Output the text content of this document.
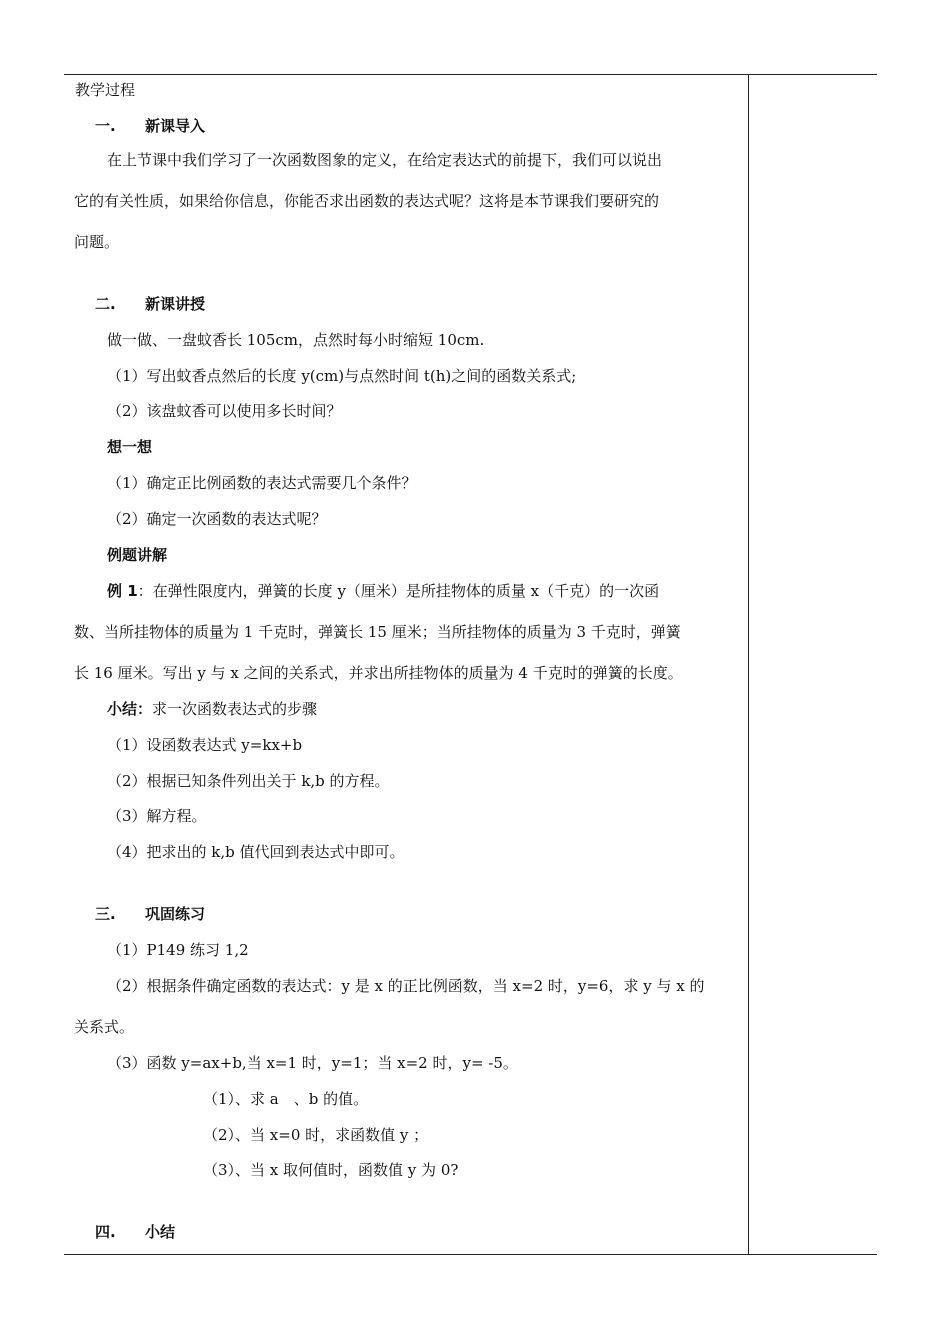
教学过程
一. 新课导入
在上节课中我们学习了一次函数图象的定义，在给定表达式的前提下，我们可以说出
它的有关性质，如果给你信息，你能否求出函数的表达式呢？这将是本节课我们要研究的
问题。
二. 新课讲授
做一做、一盘蚊香长 105cm，点然时每小时缩短 10cm.
（1）写出蚊香点然后的长度 y(cm)与点然时间 t(h)之间的函数关系式;
（2）该盘蚊香可以使用多长时间？
想一想
（1）确定正比例函数的表达式需要几个条件？
（2）确定一次函数的表达式呢？
例题讲解
例 1：在弹性限度内，弹簧的长度 y（厘米）是所挂物体的质量 x（千克）的一次函
数、当所挂物体的质量为 1 千克时，弹簧长 15 厘米；当所挂物体的质量为 3 千克时，弹簧
长 16 厘米。写出 y 与 x 之间的关系式，并求出所挂物体的质量为 4 千克时的弹簧的长度。
小结：求一次函数表达式的步骤
（1）设函数表达式 y=kx+b
（2）根据已知条件列出关于 k,b 的方程。
（3）解方程。
（4）把求出的 k,b 值代回到表达式中即可。
三. 巩固练习
（1）P149 练习 1,2
（2）根据条件确定函数的表达式：y 是 x 的正比例函数，当 x=2 时，y=6，求 y 与 x 的
关系式。
（3）函数 y=ax+b,当 x=1 时，y=1；当 x=2 时，y= -5。
（1）、求 a　、b 的值。
（2）、当 x=0 时，求函数值 y ；
（3）、当 x 取何值时，函数值 y 为 0?
四. 小结
